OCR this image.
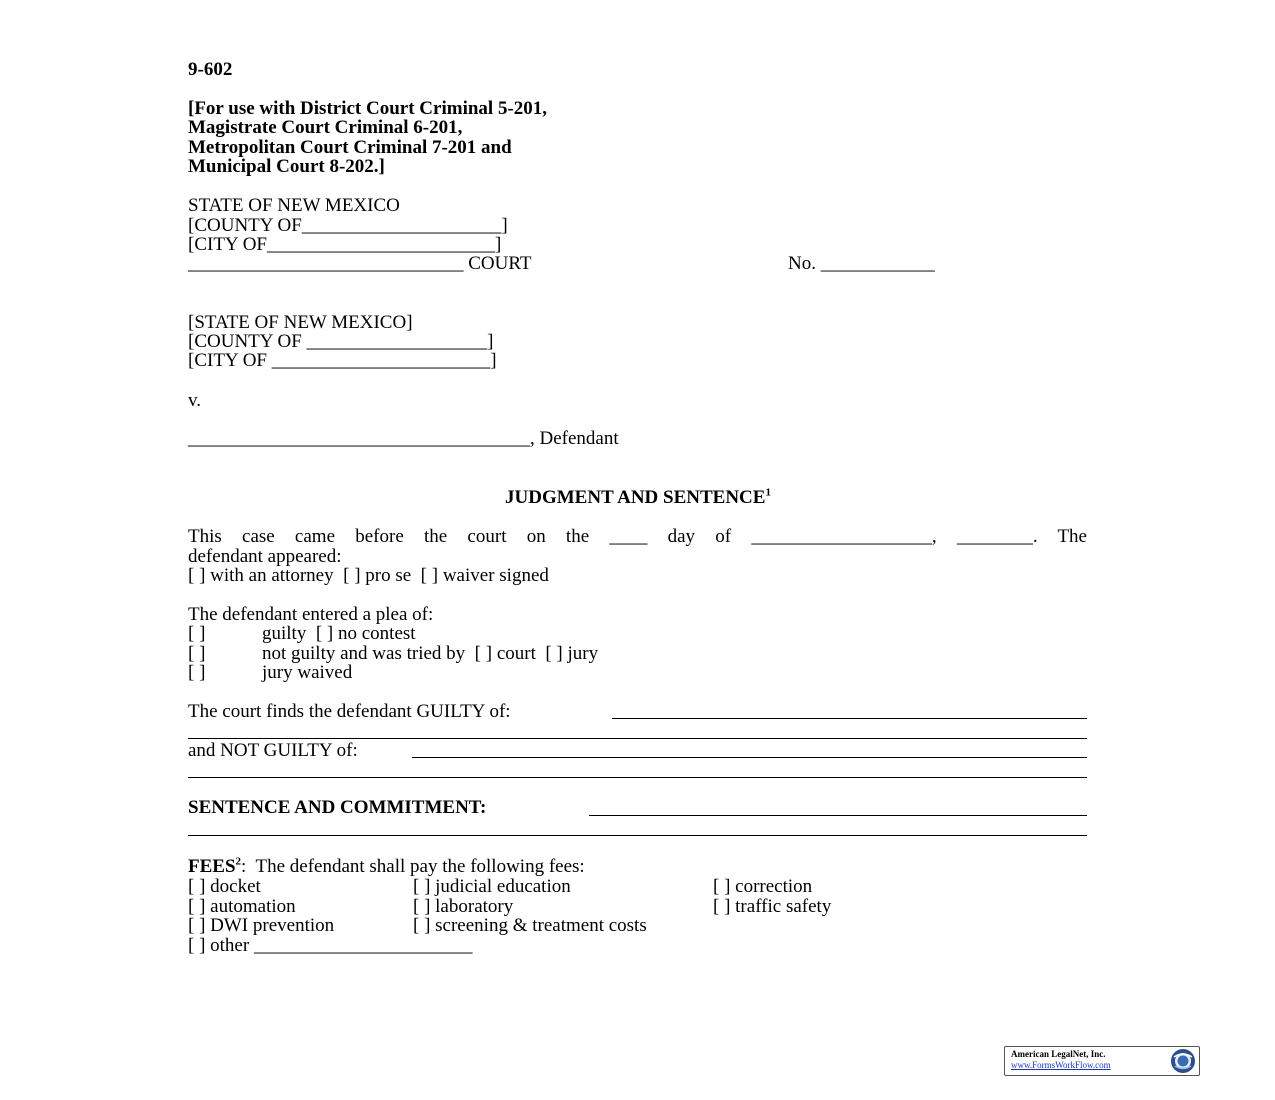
9-602
[For use with District Court Criminal 5-201,
Magistrate Court Criminal 6-201,
Metropolitan Court Criminal 7-201 and
Municipal Court 8-202.]
STATE OF NEW MEXICO
[COUNTY OF_____________________]
[CITY OF________________________]
_____________________________ COURT	No. ____________
[STATE OF NEW MEXICO]
[COUNTY OF ___________________]
[CITY OF _______________________]
v.
____________________________________, Defendant
JUDGMENT AND SENTENCE$^1$
This case came before the court on the ____ day of ___________________, ________. The
defendant appeared:
[ ] with an attorney  [ ] pro se  [ ] waiver signed
The defendant entered a plea of:
[ ]	guilty  [ ] no contest
[ ]	not guilty and was tried by  [ ] court  [ ] jury
[ ]	jury waived
The court finds the defendant GUILTY of:
and NOT GUILTY of:
SENTENCE AND COMMITMENT:
FEES$^2$:  The defendant shall pay the following fees:
[ ] docket	[ ] judicial education	[ ] correction
[ ] automation	[ ] laboratory	[ ] traffic safety
[ ] DWI prevention	[ ] screening & treatment costs
[ ] other _______________________
American LegalNet, Inc.
www.FormsWorkFlow.com
